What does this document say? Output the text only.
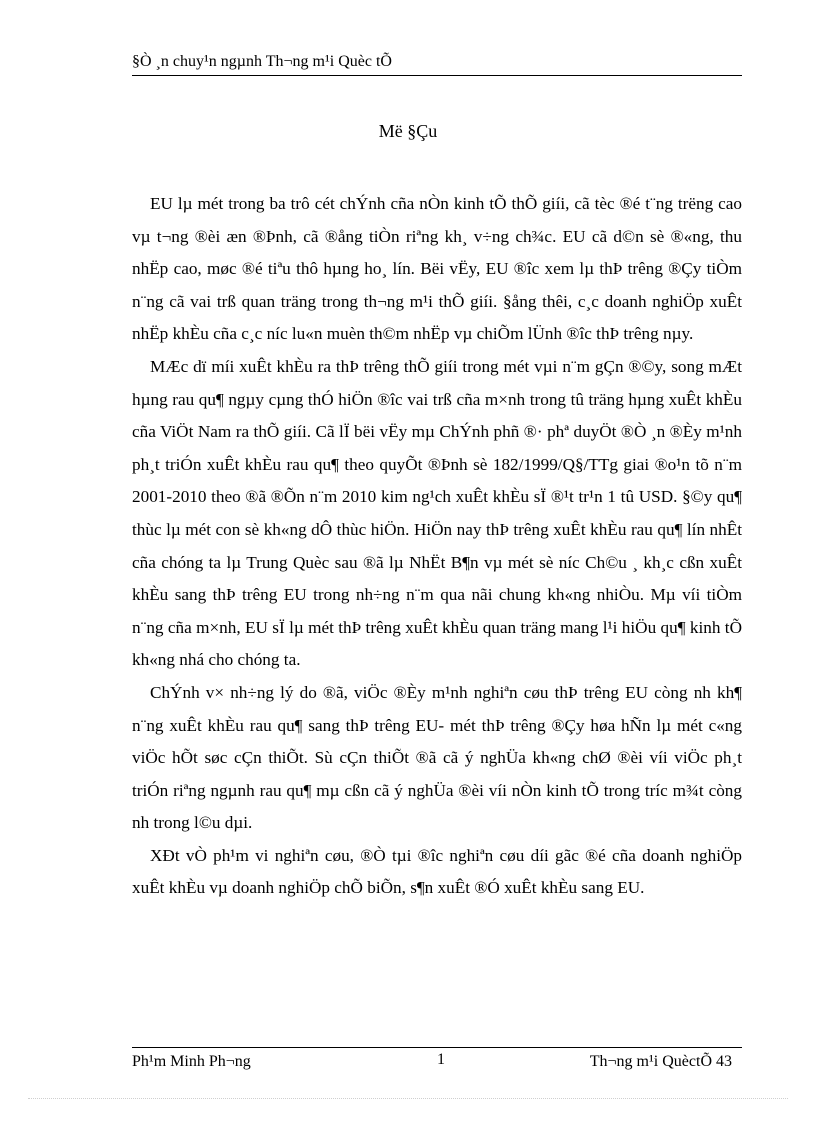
§Ò ¸n chuy¹n ngµnh Th¬ng m¹i Quèc tÕ
Më §Çu

EU lµ mét trong ba trô cét chÝnh cña nÒn kinh tÕ thÕ giíi, cã tèc ®é t¨ng trëng cao vµ t¬ng ®èi æn ®Þnh, cã ®ång tiÒn riªng kh¸ v÷ng ch¾c. EU cã d©n sè ®«ng, thu nhËp cao, møc ®é tiªu thô hµng ho¸ lín. Bëi vËy, EU ®îc xem lµ thÞ trêng ®Çy tiÒm n¨ng cã vai trß quan träng trong th¬ng m¹i thÕ giíi. §ång thêi, c¸c doanh nghiÖp xuÊt nhËp khÈu cña c¸c níc lu«n muèn th©m nhËp vµ chiÕm lÜnh ®îc thÞ trêng nµy.

MÆc dï míi xuÊt khÈu ra thÞ trêng thÕ giíi trong mét vµi n¨m gÇn ®©y, song mÆt hµng rau qu¶ ngµy cµng thÓ hiÖn ®îc vai trß cña m×nh trong tû träng hµng xuÊt khÈu cña ViÖt Nam ra thÕ giíi. Cã lÏ bëi vËy mµ ChÝnh phñ ®· phª duyÖt ®Ò ¸n ®Èy m¹nh ph¸t triÓn xuÊt khÈu rau qu¶ theo quyÕt ®Þnh sè 182/1999/Q§/TTg giai ®o¹n tõ n¨m 2001-2010 theo ®ã ®Õn n¨m 2010 kim ng¹ch xuÊt khÈu sÏ ®¹t tr¹n 1 tû USD. §©y qu¶ thùc lµ mét con sè kh«ng dÔ thùc hiÖn. HiÖn nay thÞ trêng xuÊt khÈu rau qu¶ lín nhÊt cña chóng ta lµ Trung Quèc sau ®ã lµ NhËt B¶n vµ mét sè níc Ch©u ¸ kh¸c cßn xuÊt khÈu sang thÞ trêng EU trong nh÷ng n¨m qua nãi chung kh«ng nhiÒu. Mµ víi tiÒm n¨ng cña m×nh, EU sÏ lµ mét thÞ trêng xuÊt khÈu quan träng mang l¹i hiÖu qu¶ kinh tÕ kh«ng nhá cho chóng ta.

ChÝnh v× nh÷ng lý do ®ã, viÖc ®Èy m¹nh nghiªn cøu thÞ trêng EU còng nh kh¶ n¨ng xuÊt khÈu rau qu¶ sang thÞ trêng EU- mét thÞ trêng ®Çy høa hÑn lµ mét c«ng viÖc hÕt søc cÇn thiÕt. Sù cÇn thiÕt ®ã cã ý nghÜa kh«ng chØ ®èi víi viÖc ph¸t triÓn riªng ngµnh rau qu¶ mµ cßn cã ý nghÜa ®èi víi nÒn kinh tÕ trong tríc m¾t còng nh trong l©u dµi.

XÐt vÒ ph¹m vi nghiªn cøu, ®Ò tµi ®îc nghiªn cøu díi gãc ®é cña doanh nghiÖp xuÊt khÈu vµ doanh nghiÖp chÕ biÕn, s¶n xuÊt ®Ó xuÊt khÈu sang EU.

Ph¹m Minh Ph¬ng	1	Th¬ng m¹i QuèctÕ 43
